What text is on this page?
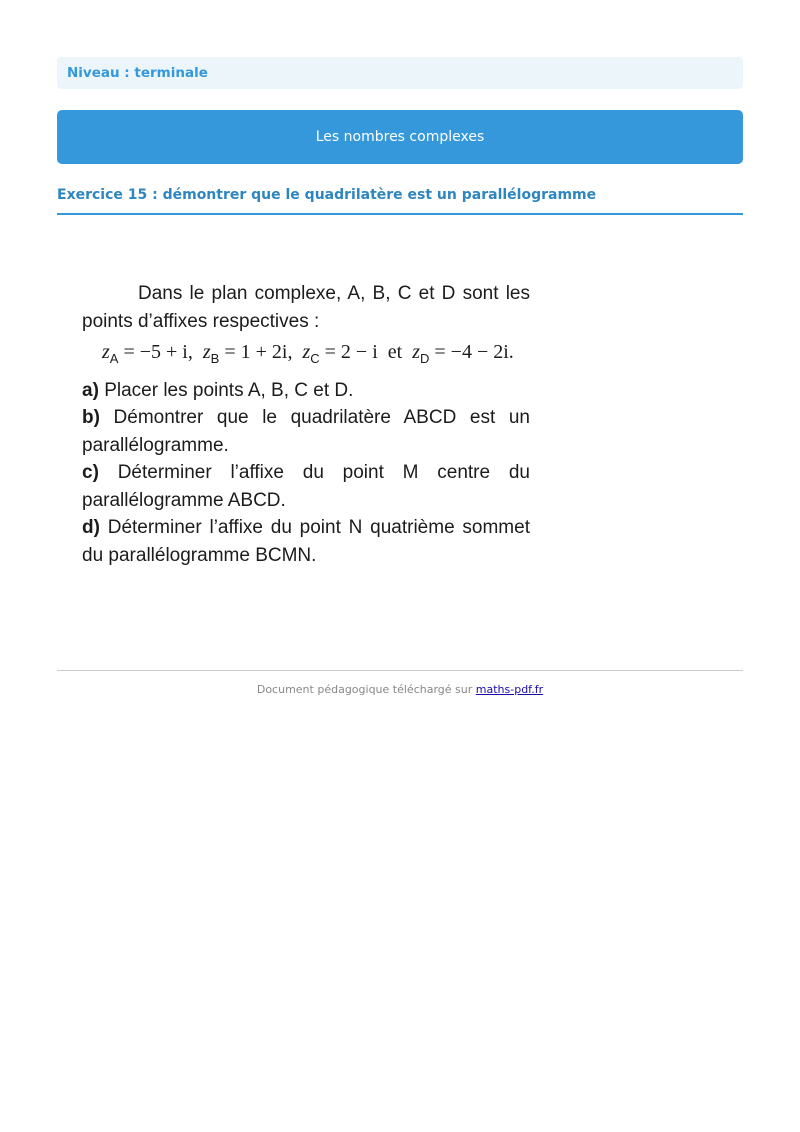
Niveau : terminale
Les nombres complexes
Exercice 15 : démontrer que le quadrilatère est un parallélogramme

Dans le plan complexe, A, B, C et D sont les points d’affixes respectives :

$z_A = -5 + i$, $z_B = 1 + 2i$, $z_C = 2 - i$ et $z_D = -4 - 2i$.

a) Placer les points A, B, C et D.

b) Démontrer que le quadrilatère ABCD est un parallélogramme.

c) Déterminer l’affixe du point M centre du parallélogramme ABCD.

d) Déterminer l’affixe du point N quatrième sommet du parallélogramme BCMN.

Document pédagogique téléchargé sur maths-pdf.fr
